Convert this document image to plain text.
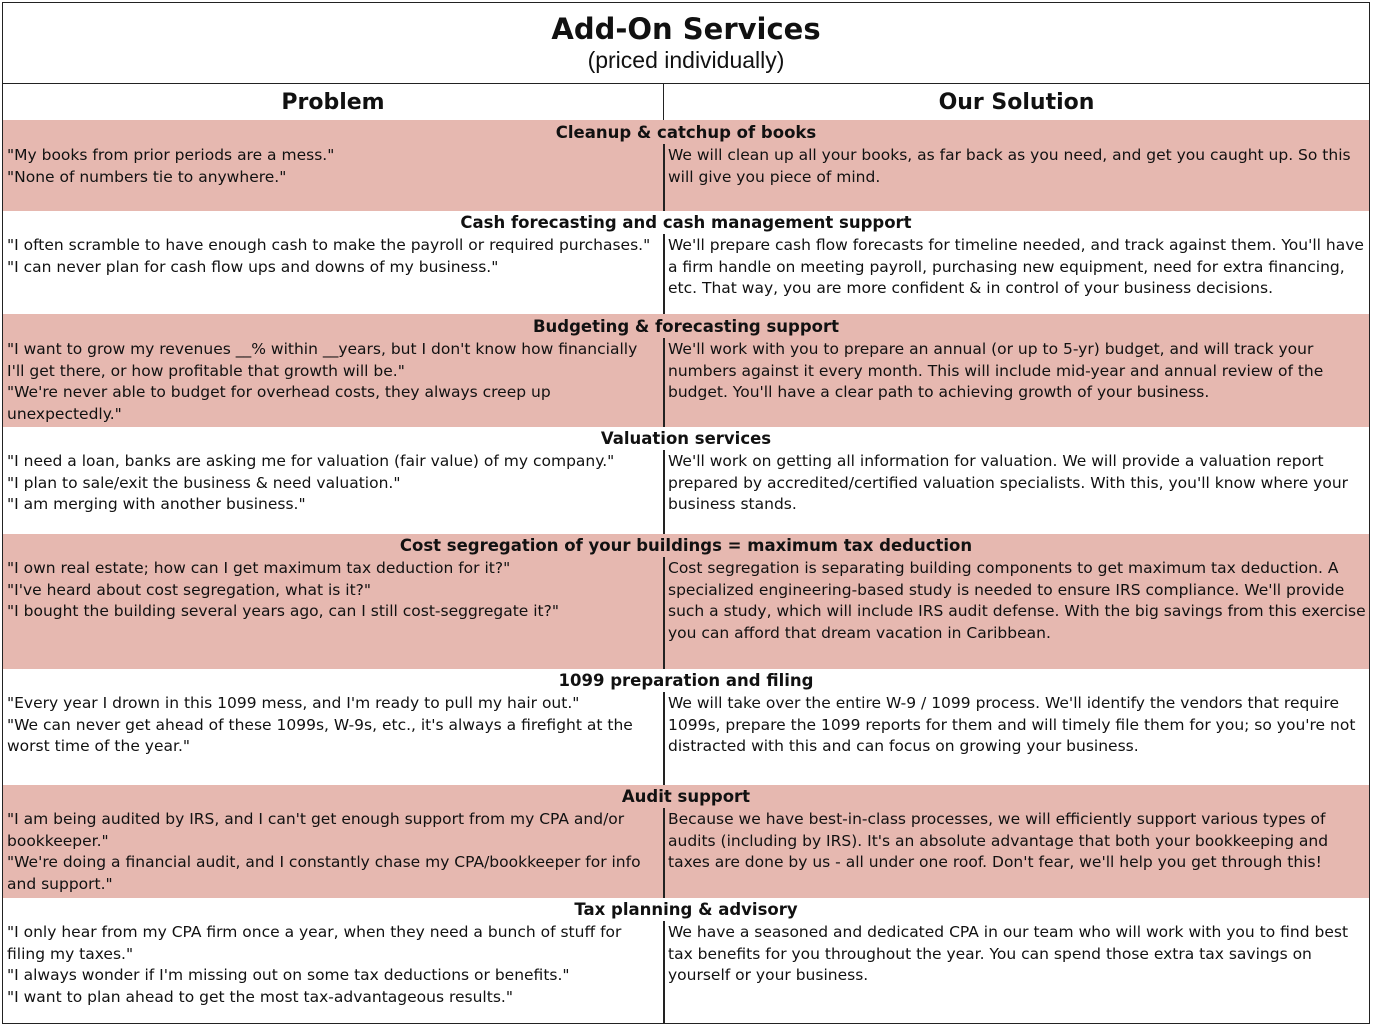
Add-On Services
(priced individually)
Problem	Our Solution
Cleanup & catchup of books
"My books from prior periods are a mess."
"None of numbers tie to anywhere."
We will clean up all your books, as far back as you need, and get you caught up. So this will give you piece of mind.
Cash forecasting and cash management support
"I often scramble to have enough cash to make the payroll or required purchases."
"I can never plan for cash flow ups and downs of my business."
We'll prepare cash flow forecasts for timeline needed, and track against them. You'll have a firm handle on meeting payroll, purchasing new equipment, need for extra financing, etc. That way, you are more confident & in control of your business decisions.
Budgeting & forecasting support
"I want to grow my revenues __% within __years, but I don't know how financially I'll get there, or how profitable that growth will be."
"We're never able to budget for overhead costs, they always creep up unexpectedly."
We'll work with you to prepare an annual (or up to 5-yr) budget, and will track your numbers against it every month. This will include mid-year and annual review of the budget. You'll have a clear path to achieving growth of your business.
Valuation services
"I need a loan, banks are asking me for valuation (fair value) of my company."
"I plan to sale/exit the business & need valuation."
"I am merging with another business."
We'll work on getting all information for valuation. We will provide a valuation report prepared by accredited/certified valuation specialists. With this, you'll know where your business stands.
Cost segregation of your buildings = maximum tax deduction
"I own real estate; how can I get maximum tax deduction for it?"
"I've heard about cost segregation, what is it?"
"I bought the building several years ago, can I still cost-seggregate it?"
Cost segregation is separating building components to get maximum tax deduction. A specialized engineering-based study is needed to ensure IRS compliance. We'll provide such a study, which will include IRS audit defense. With the big savings from this exercise you can afford that dream vacation in Caribbean.
1099 preparation and filing
"Every year I drown in this 1099 mess, and I'm ready to pull my hair out."
"We can never get ahead of these 1099s, W-9s, etc., it's always a firefight at the worst time of the year."
We will take over the entire W-9 / 1099 process. We'll identify the vendors that require 1099s, prepare the 1099 reports for them and will timely file them for you; so you're not distracted with this and can focus on growing your business.
Audit support
"I am being audited by IRS, and I can't get enough support from my CPA and/or bookkeeper."
"We're doing a financial audit, and I constantly chase my CPA/bookkeeper for info and support."
Because we have best-in-class processes, we will efficiently support various types of audits (including by IRS). It's an absolute advantage that both your bookkeeping and taxes are done by us - all under one roof. Don't fear, we'll help you get through this!
Tax planning & advisory
"I only hear from my CPA firm once a year, when they need a bunch of stuff for filing my taxes."
"I always wonder if I'm missing out on some tax deductions or benefits."
"I want to plan ahead to get the most tax-advantageous results."
We have a seasoned and dedicated CPA in our team who will work with you to find best tax benefits for you throughout the year. You can spend those extra tax savings on yourself or your business.
